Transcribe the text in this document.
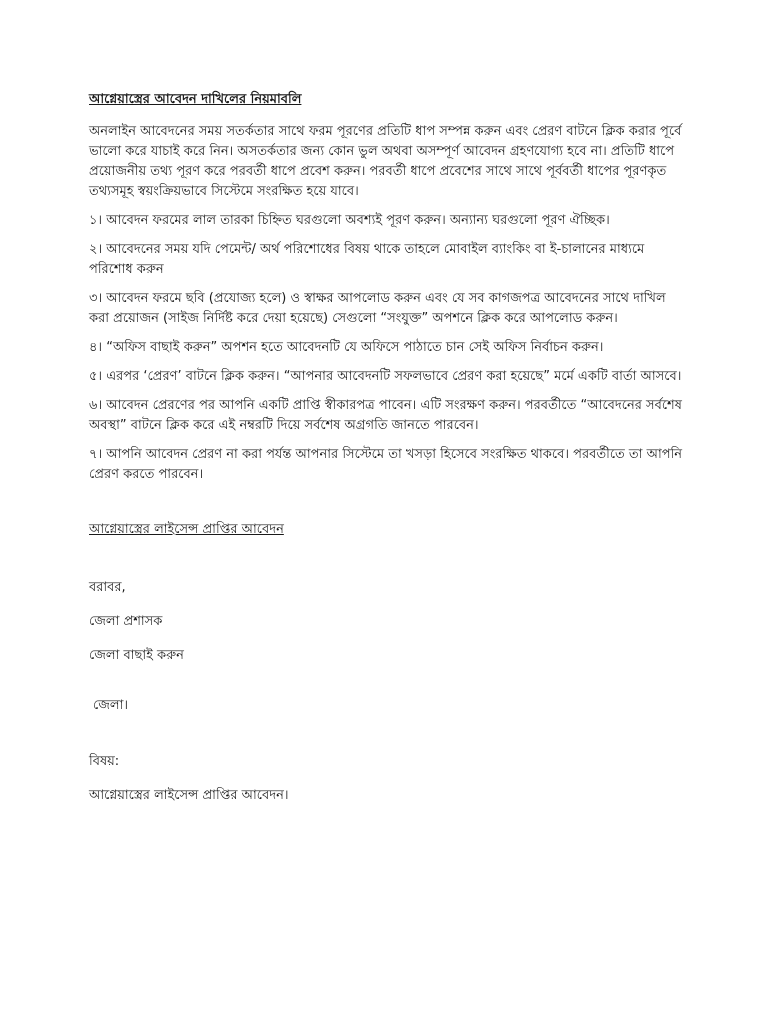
আগ্নেয়াস্ত্রের আবেদন দাখিলের নিয়মাবলি

অনলাইন আবেদনের সময় সতর্কতার সাথে ফরম পূরণের প্রতিটি ধাপ সম্পন্ন করুন এবং প্রেরণ বাটনে ক্লিক করার পূর্বে ভালো করে যাচাই করে নিন। অসতর্কতার জন্য কোন ভুল অথবা অসম্পূর্ণ আবেদন গ্রহণযোগ্য হবে না। প্রতিটি ধাপে প্রয়োজনীয় তথ্য পূরণ করে পরবর্তী ধাপে প্রবেশ করুন। পরবর্তী ধাপে প্রবেশের সাথে সাথে পূর্ববর্তী ধাপের পূরণকৃত তথ্যসমূহ স্বয়ংক্রিয়ভাবে সিস্টেমে সংরক্ষিত হয়ে যাবে।

১। আবেদন ফরমের লাল তারকা চিহ্নিত ঘরগুলো অবশ্যই পূরণ করুন। অন্যান্য ঘরগুলো পূরণ ঐচ্ছিক।

২। আবেদনের সময় যদি পেমেন্ট/ অর্থ পরিশোধের বিষয় থাকে তাহলে মোবাইল ব্যাংকিং বা ই-চালানের মাধ্যমে পরিশোধ করুন

৩। আবেদন ফরমে ছবি (প্রযোজ্য হলে) ও স্বাক্ষর আপলোড করুন এবং যে সব কাগজপত্র আবেদনের সাথে দাখিল করা প্রয়োজন (সাইজ নির্দিষ্ট করে দেয়া হয়েছে) সেগুলো “সংযুক্ত” অপশনে ক্লিক করে আপলোড করুন।

৪। “অফিস বাছাই করুন” অপশন হতে আবেদনটি যে অফিসে পাঠাতে চান সেই অফিস নির্বাচন করুন।

৫। এরপর ‘প্রেরণ’ বাটনে ক্লিক করুন। “আপনার আবেদনটি সফলভাবে প্রেরণ করা হয়েছে” মর্মে একটি বার্তা আসবে।

৬। আবেদন প্রেরণের পর আপনি একটি প্রাপ্তি স্বীকারপত্র পাবেন। এটি সংরক্ষণ করুন। পরবর্তীতে “আবেদনের সর্বশেষ অবস্থা” বাটনে ক্লিক করে এই নম্বরটি দিয়ে সর্বশেষ অগ্রগতি জানতে পারবেন।

৭। আপনি আবেদন প্রেরণ না করা পর্যন্ত আপনার সিস্টেমে তা খসড়া হিসেবে সংরক্ষিত থাকবে। পরবর্তীতে তা আপনি প্রেরণ করতে পারবেন।

আগ্নেয়াস্ত্রের লাইসেন্স প্রাপ্তির আবেদন

বরাবর,

জেলা প্রশাসক

জেলা বাছাই করুন

জেলা।

বিষয়:

আগ্নেয়াস্ত্রের লাইসেন্স প্রাপ্তির আবেদন।
